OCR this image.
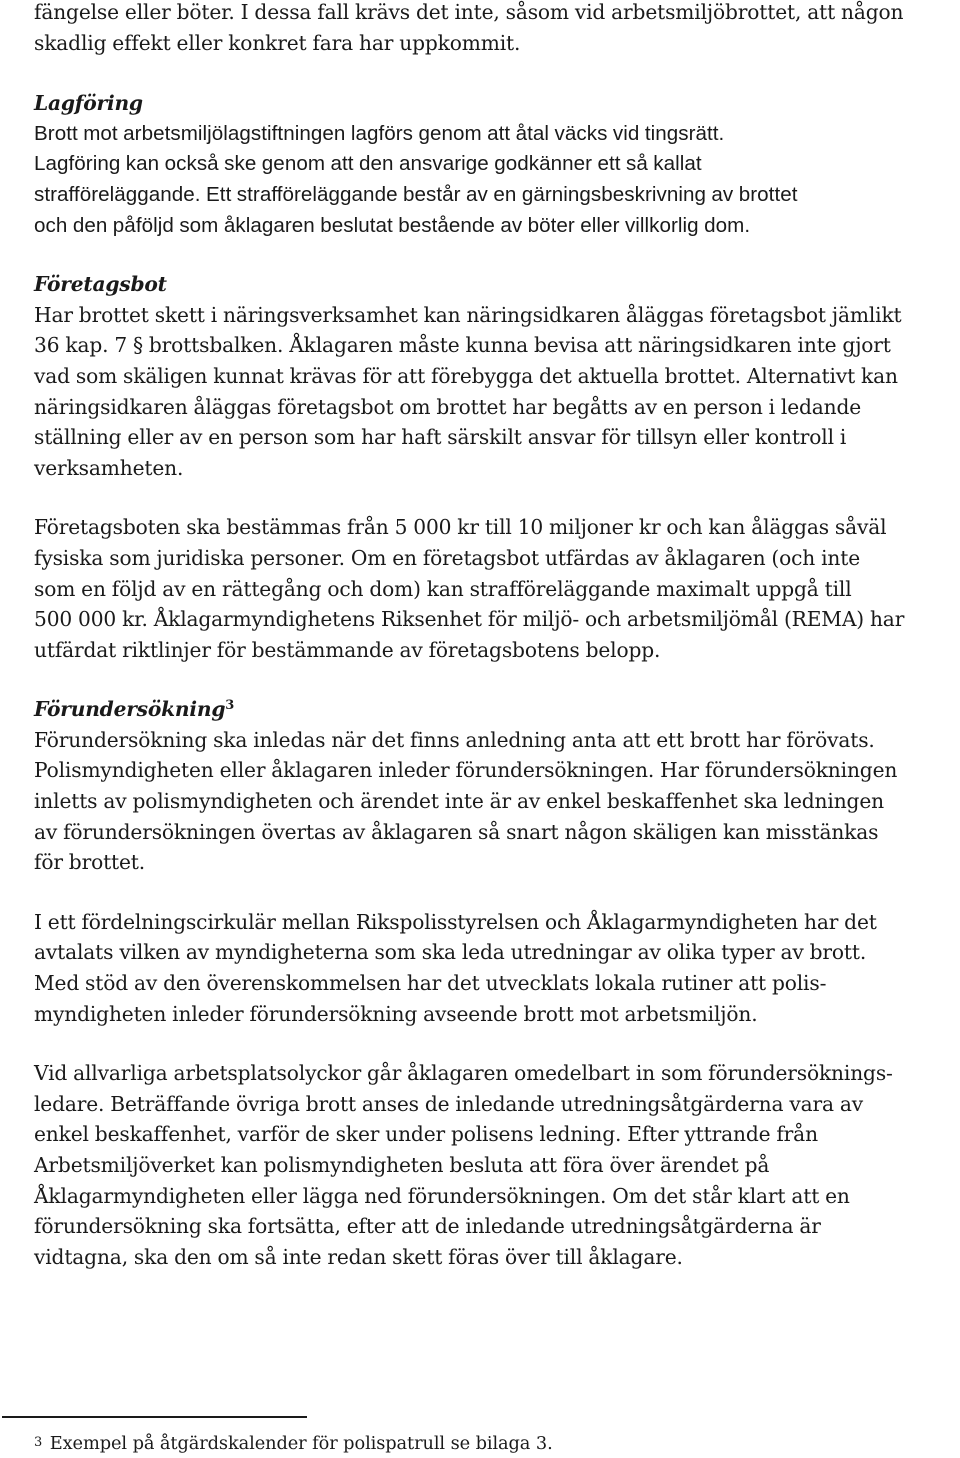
fängelse eller böter. I dessa fall krävs det inte, såsom vid arbetsmiljöbrottet, att någon
skadlig effekt eller konkret fara har uppkommit.

Lagföring

Brott mot arbetsmiljölagstiftningen lagförs genom att åtal väcks vid tingsrätt.
Lagföring kan också ske genom att den ansvarige godkänner ett så kallat
strafföreläggande. Ett strafföreläggande består av en gärningsbeskrivning av brottet
och den påföljd som åklagaren beslutat bestående av böter eller villkorlig dom.

Företagsbot

Har brottet skett i näringsverksamhet kan näringsidkaren åläggas företagsbot jämlikt
36 kap. 7 § brottsbalken. Åklagaren måste kunna bevisa att näringsidkaren inte gjort
vad som skäligen kunnat krävas för att förebygga det aktuella brottet. Alternativt kan
näringsidkaren åläggas företagsbot om brottet har begåtts av en person i ledande
ställning eller av en person som har haft särskilt ansvar för tillsyn eller kontroll i
verksamheten.

Företagsboten ska bestämmas från 5 000 kr till 10 miljoner kr och kan åläggas såväl
fysiska som juridiska personer. Om en företagsbot utfärdas av åklagaren (och inte
som en följd av en rättegång och dom) kan strafföreläggande maximalt uppgå till
500 000 kr. Åklagarmyndighetens Riksenhet för miljö- och arbetsmiljömål (REMA) har
utfärdat riktlinjer för bestämmande av företagsbotens belopp.

Förundersökning$^3$

Förundersökning ska inledas när det finns anledning anta att ett brott har förövats.
Polismyndigheten eller åklagaren inleder förundersökningen. Har förundersökningen
inletts av polismyndigheten och ärendet inte är av enkel beskaffenhet ska ledningen
av förundersökningen övertas av åklagaren så snart någon skäligen kan misstänkas
för brottet.

I ett fördelningscirkulär mellan Rikspolisstyrelsen och Åklagarmyndigheten har det
avtalats vilken av myndigheterna som ska leda utredningar av olika typer av brott.
Med stöd av den överenskommelsen har det utvecklats lokala rutiner att polis-
myndigheten inleder förundersökning avseende brott mot arbetsmiljön.

Vid allvarliga arbetsplatsolyckor går åklagaren omedelbart in som förundersöknings-
ledare. Beträffande övriga brott anses de inledande utredningsåtgärderna vara av
enkel beskaffenhet, varför de sker under polisens ledning. Efter yttrande från
Arbetsmiljöverket kan polismyndigheten besluta att föra över ärendet på
Åklagarmyndigheten eller lägga ned förundersökningen. Om det står klart att en
förundersökning ska fortsätta, efter att de inledande utredningsåtgärderna är
vidtagna, ska den om så inte redan skett föras över till åklagare.

3 Exempel på åtgärdskalender för polispatrull se bilaga 3.
